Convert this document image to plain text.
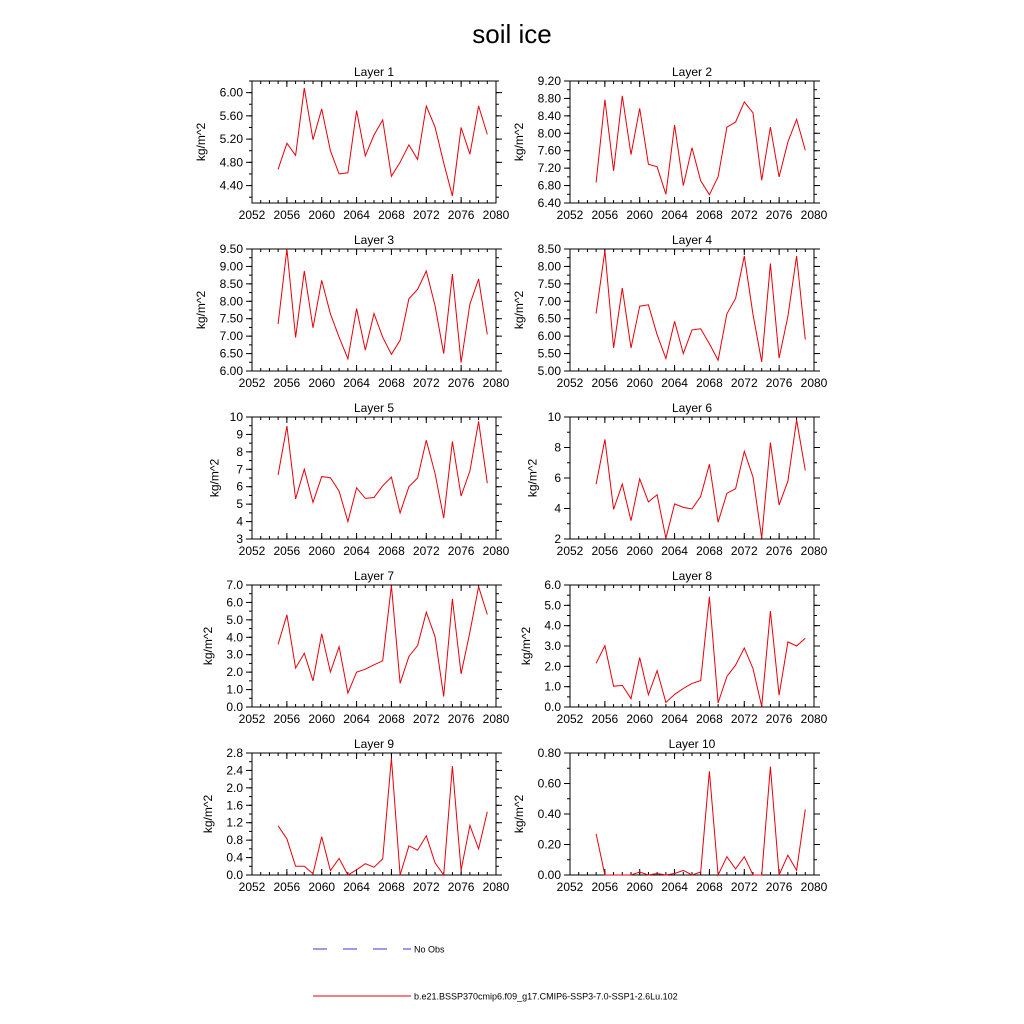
soil ice
Layer 1
2052 2056 2060 2064 2068 2072 2076 2080
4.40
4.80
5.20
5.60
6.00
kg/m^2
Layer 2
2052 2056 2060 2064 2068 2072 2076 2080
6.40
6.80
7.20
7.60
8.00
8.40
8.80
9.20
kg/m^2
Layer 3
2052 2056 2060 2064 2068 2072 2076 2080
6.00
6.50
7.00
7.50
8.00
8.50
9.00
9.50
kg/m^2
Layer 4
2052 2056 2060 2064 2068 2072 2076 2080
5.00
5.50
6.00
6.50
7.00
7.50
8.00
8.50
kg/m^2
Layer 5
2052 2056 2060 2064 2068 2072 2076 2080
3
4
5
6
7
8
9
10
kg/m^2
Layer 6
2052 2056 2060 2064 2068 2072 2076 2080
2
4
6
8
10
kg/m^2
Layer 7
2052 2056 2060 2064 2068 2072 2076 2080
0.0
1.0
2.0
3.0
4.0
5.0
6.0
7.0
kg/m^2
Layer 8
2052 2056 2060 2064 2068 2072 2076 2080
0.0
1.0
2.0
3.0
4.0
5.0
6.0
kg/m^2
Layer 9
2052 2056 2060 2064 2068 2072 2076 2080
0.0
0.4
0.8
1.2
1.6
2.0
2.4
2.8
kg/m^2
Layer 10
2052 2056 2060 2064 2068 2072 2076 2080
0.00
0.20
0.40
0.60
0.80
kg/m^2
No Obs
b.e21.BSSP370cmip6.f09_g17.CMIP6-SSP3-7.0-SSP1-2.6Lu.102
